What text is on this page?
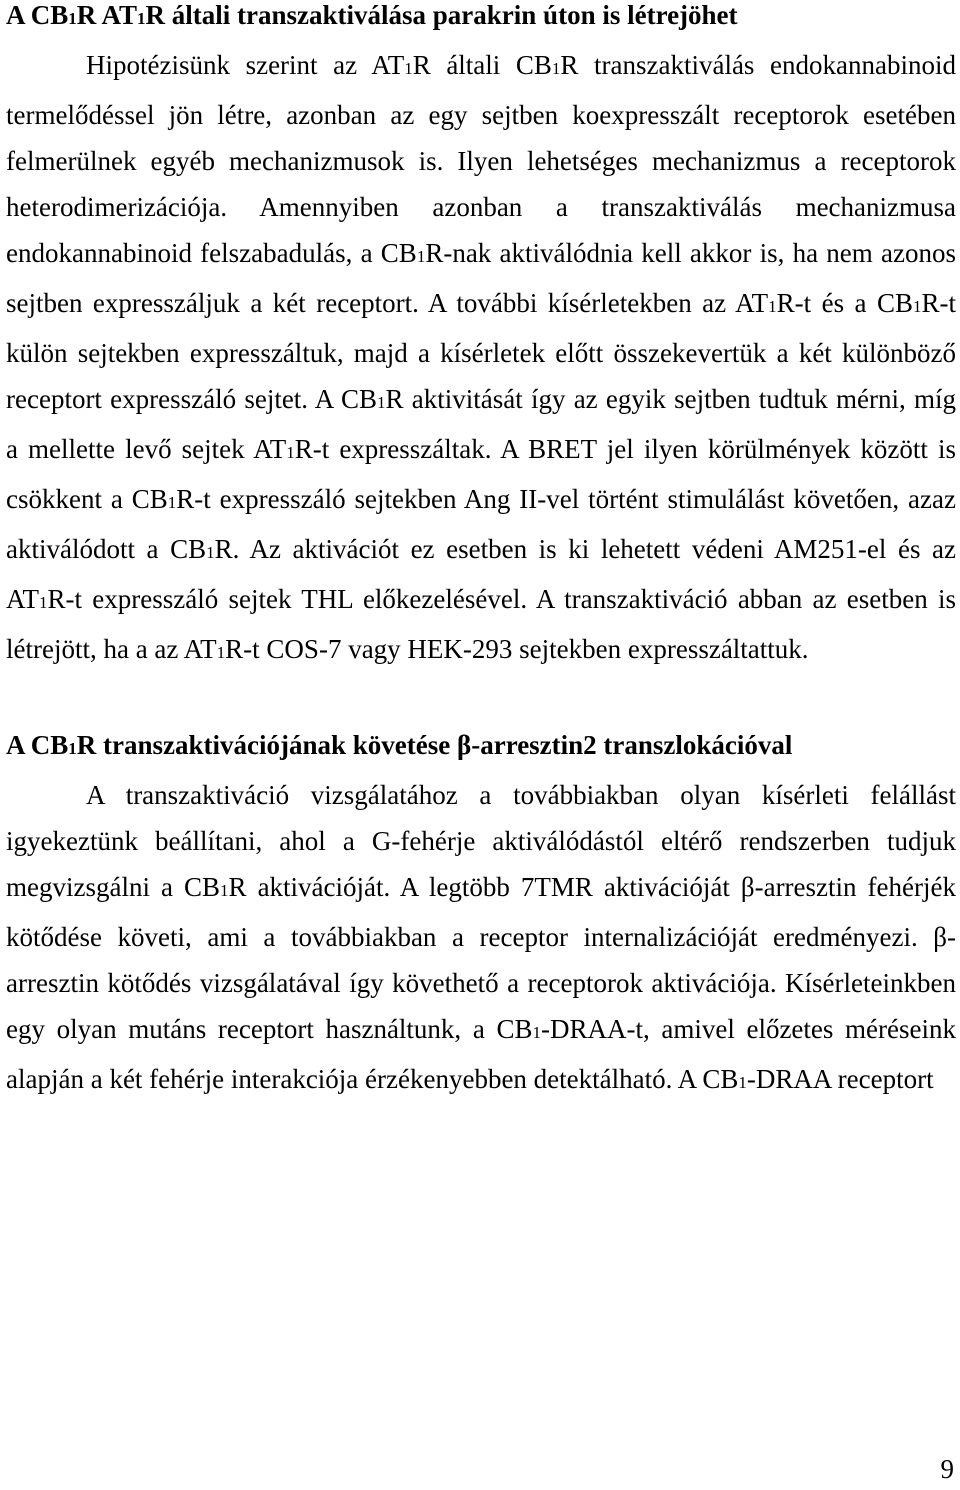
A CB1R AT1R általi transzaktiválása parakrin úton is létrejöhet

Hipotézisünk szerint az AT1R általi CB1R transzaktiválás endokannabinoid termelődéssel jön létre, azonban az egy sejtben koexpresszált receptorok esetében felmerülnek egyéb mechanizmusok is. Ilyen lehetséges mechanizmus a receptorok heterodimerizációja. Amennyiben azonban a transzaktiválás mechanizmusa endokannabinoid felszabadulás, a CB1R-nak aktiválódnia kell akkor is, ha nem azonos sejtben expresszáljuk a két receptort. A további kísérletekben az AT1R-t és a CB1R-t külön sejtekben expresszáltuk, majd a kísérletek előtt összekevertük a két különböző receptort expresszáló sejtet. A CB1R aktivitását így az egyik sejtben tudtuk mérni, míg a mellette levő sejtek AT1R-t expresszáltak. A BRET jel ilyen körülmények között is csökkent a CB1R-t expresszáló sejtekben Ang II-vel történt stimulálást követően, azaz aktiválódott a CB1R. Az aktivációt ez esetben is ki lehetett védeni AM251-el és az AT1R-t expresszáló sejtek THL előkezelésével. A transzaktiváció abban az esetben is létrejött, ha a az AT1R-t COS-7 vagy HEK-293 sejtekben expresszáltattuk.

A CB1R transzaktivációjának követése β-arresztin2 transzlokációval

A transzaktiváció vizsgálatához a továbbiakban olyan kísérleti felállást igyekeztünk beállítani, ahol a G-fehérje aktiválódástól eltérő rendszerben tudjuk megvizsgálni a CB1R aktivációját. A legtöbb 7TMR aktivációját β-arresztin fehérjék kötődése követi, ami a továbbiakban a receptor internalizációját eredményezi. β-arresztin kötődés vizsgálatával így követhető a receptorok aktivációja. Kísérleteinkben egy olyan mutáns receptort használtunk, a CB1-DRAA-t, amivel előzetes méréseink alapján a két fehérje interakciója érzékenyebben detektálható. A CB1-DRAA receptort

9
